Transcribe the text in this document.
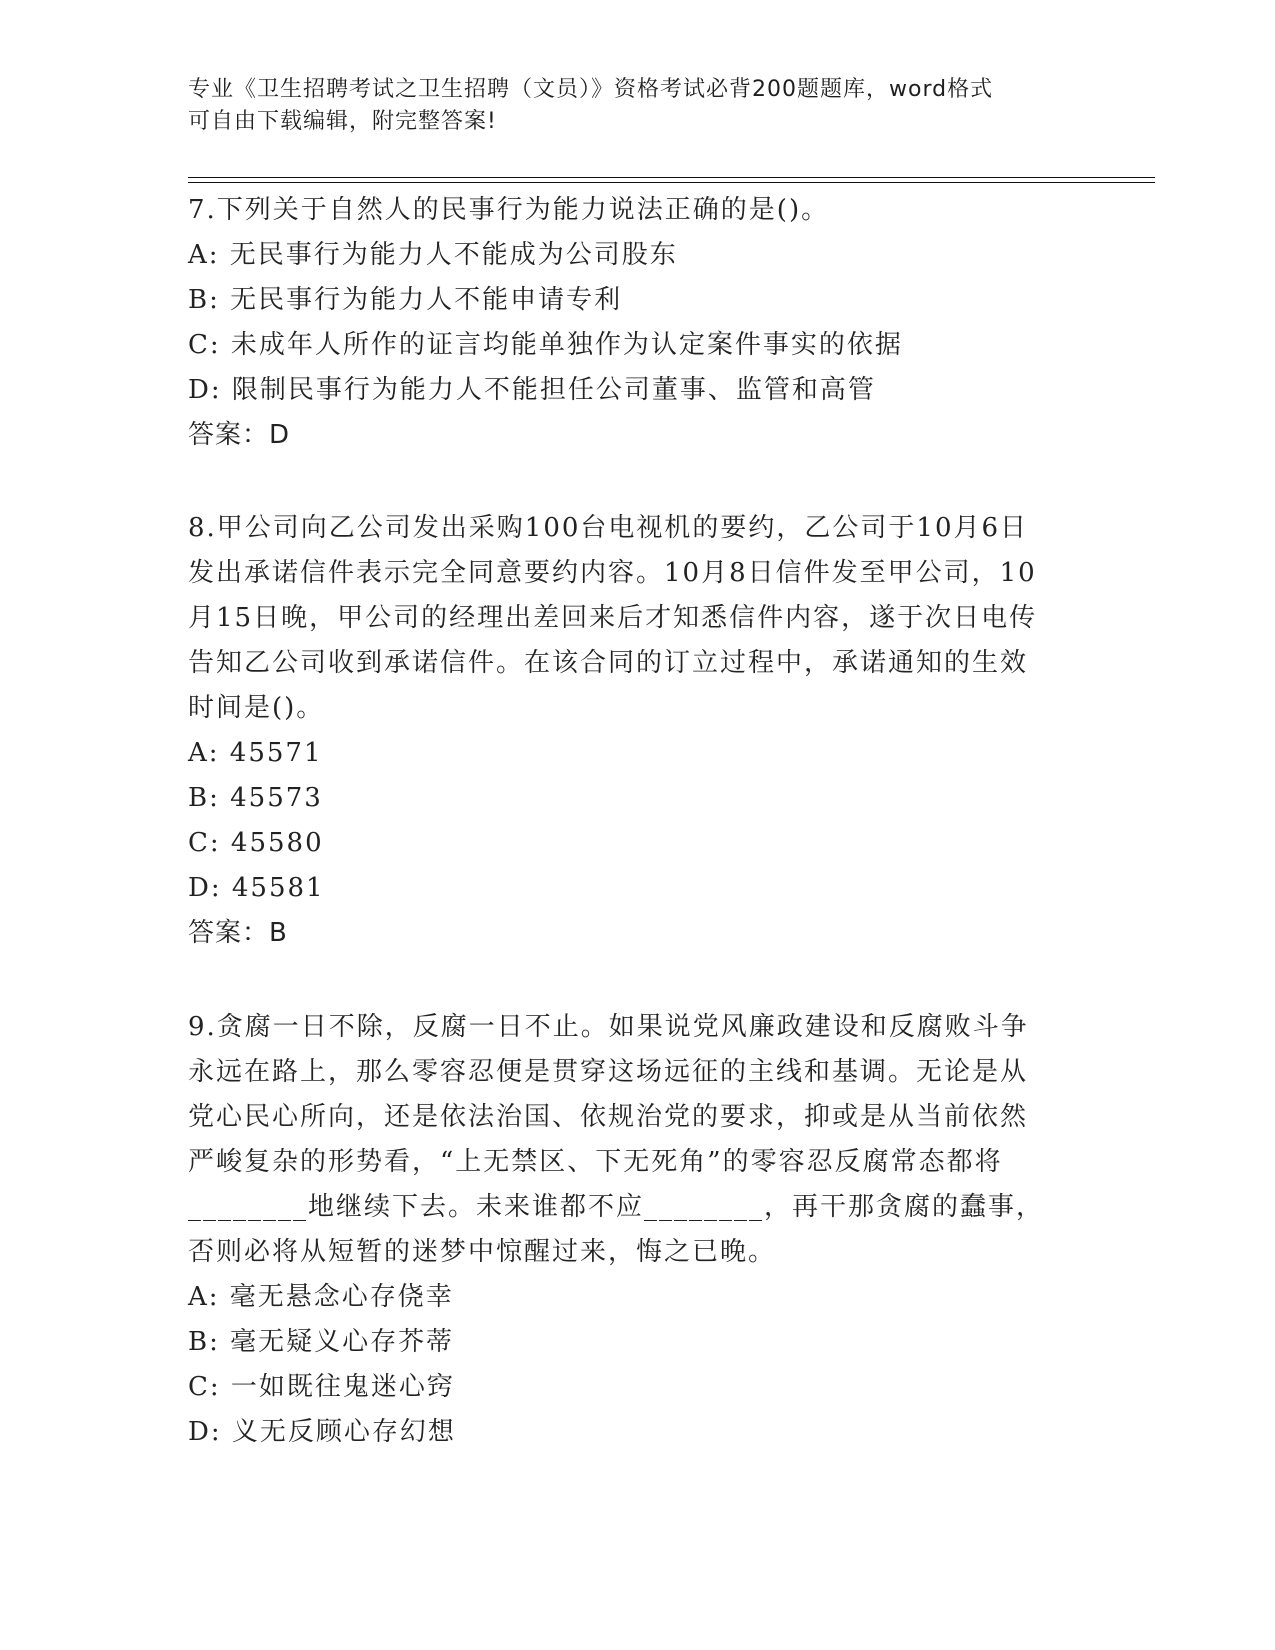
专业《卫生招聘考试之卫生招聘（文员）》资格考试必背200题题库，word格式
可自由下载编辑，附完整答案!
7.下列关于自然人的民事行为能力说法正确的是()。
A: 无民事行为能力人不能成为公司股东
B: 无民事行为能力人不能申请专利
C: 未成年人所作的证言均能单独作为认定案件事实的依据
D: 限制民事行为能力人不能担任公司董事、监管和高管
答案：D
8.甲公司向乙公司发出采购100台电视机的要约，乙公司于10月6日
发出承诺信件表示完全同意要约内容。10月8日信件发至甲公司，10
月15日晚，甲公司的经理出差回来后才知悉信件内容，遂于次日电传
告知乙公司收到承诺信件。在该合同的订立过程中，承诺通知的生效
时间是()。
A: 45571
B: 45573
C: 45580
D: 45581
答案：B
9.贪腐一日不除，反腐一日不止。如果说党风廉政建设和反腐败斗争
永远在路上，那么零容忍便是贯穿这场远征的主线和基调。无论是从
党心民心所向，还是依法治国、依规治党的要求，抑或是从当前依然
严峻复杂的形势看，“上无禁区、下无死角”的零容忍反腐常态都将
________地继续下去。未来谁都不应________，再干那贪腐的蠢事，
否则必将从短暂的迷梦中惊醒过来，悔之已晚。
A: 毫无悬念心存侥幸
B: 毫无疑义心存芥蒂
C: 一如既往鬼迷心窍
D: 义无反顾心存幻想
